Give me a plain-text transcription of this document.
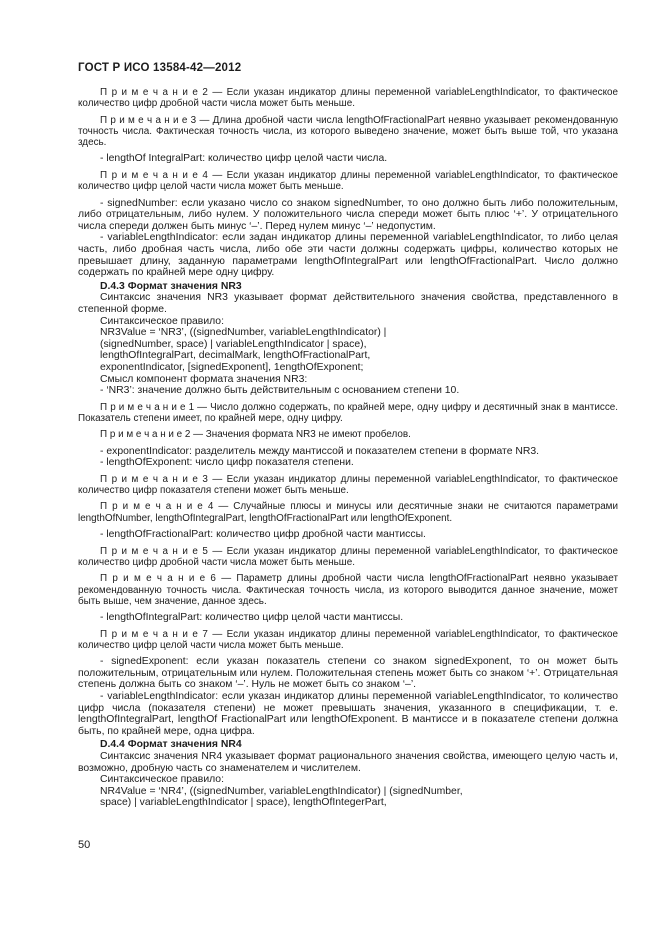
ГОСТ Р ИСО 13584-42—2012

П р и м е ч а н и е 2 — Если указан индикатор длины переменной variableLengthIndicator, то фактическое количество цифр дробной части числа может быть меньше.

П р и м е ч а н и е 3 — Длина дробной части числа lengthOfFractionalPart неявно указывает рекомендованную точность числа. Фактическая точность числа, из которого выведено значение, может быть выше той, что указана здесь.

- lengthOf IntegralPart: количество цифр целой части числа.

П р и м е ч а н и е 4 — Если указан индикатор длины переменной variableLengthIndicator, то фактическое количество цифр целой части числа может быть меньше.

- signedNumber: если указано число со знаком signedNumber, то оно должно быть либо положительным, либо отрицательным, либо нулем. У положительного числа спереди может быть плюс ‘+’. У отрицательного числа спереди должен быть минус ‘–’. Перед нулем минус ‘–’ недопустим.

- variableLengthIndicator: если задан индикатор длины переменной variableLengthIndicator, то либо целая часть, либо дробная часть числа, либо обе эти части должны содержать цифры, количество которых не превышает длину, заданную параметрами lengthOfIntegralPart или lengthOfFractionalPart. Число должно содержать по крайней мере одну цифру.

D.4.3 Формат значения NR3

Синтаксис значения NR3 указывает формат действительного значения свойства, представленного в степенной форме.

Синтаксическое правило:

NR3Value = ‘NR3’, ((signedNumber, variableLengthIndicator) |

(signedNumber, space) | variableLengthIndicator | space),

lengthOfIntegralPart, decimalMark, lengthOfFractionalPart,

exponentIndicator, [signedExponent], 1engthOfExponent;

Смысл компонент формата значения NR3:

- ‘NR3’: значение должно быть действительным с основанием степени 10.

П р и м е ч а н и е 1 — Число должно содержать, по крайней мере, одну цифру и десятичный знак в мантиссе. Показатель степени имеет, по крайней мере, одну цифру.

П р и м е ч а н и е 2 — Значения формата NR3 не имеют пробелов.

- exponentIndicator: разделитель между мантиссой и показателем степени в формате NR3.

- lengthOfExponent: число цифр показателя степени.

П р и м е ч а н и е 3 — Если указан индикатор длины переменной variableLengthIndicator, то фактическое количество цифр показателя степени может быть меньше.

П р и м е ч а н и е 4 — Случайные плюсы и минусы или десятичные знаки не считаются параметрами lengthOfNumber, lengthOfIntegralPart, lengthOfFractionalPart или lengthOfExponent.

- lengthOfFractionalPart: количество цифр дробной части мантиссы.

П р и м е ч а н и е 5 — Если указан индикатор длины переменной variableLengthIndicator, то фактическое количество цифр дробной части числа может быть меньше.

П р и м е ч а н и е 6 — Параметр длины дробной части числа lengthOfFractionalPart неявно указывает рекомендованную точность числа. Фактическая точность числа, из которого выводится данное значение, может быть выше, чем значение, данное здесь.

- lengthOfIntegralPart: количество цифр целой части мантиссы.

П р и м е ч а н и е 7 — Если указан индикатор длины переменной variableLengthIndicator, то фактическое количество цифр целой части числа может быть меньше.

- signedExponent: если указан показатель степени со знаком signedExponent, то он может быть положительным, отрицательным или нулем. Положительная степень может быть со знаком ‘+’. Отрицательная степень должна быть со знаком ‘–’. Нуль не может быть со знаком ‘–’.

- variableLengthIndicator: если указан индикатор длины переменной variableLengthIndicator, то количество цифр числа (показателя степени) не может превышать значения, указанного в спецификации, т. е. lengthOfIntegralPart, lengthOf FractionalPart или lengthOfExponent. В мантиссе и в показателе степени должна быть, по крайней мере, одна цифра.

D.4.4 Формат значения NR4

Синтаксис значения NR4 указывает формат рационального значения свойства, имеющего целую часть и, возможно, дробную часть со знаменателем и числителем.

Синтаксическое правило:

NR4Value = ‘NR4’, ((signedNumber, variableLengthIndicator) | (signedNumber,

space) | variableLengthIndicator | space), lengthOfIntegerPart,

50
